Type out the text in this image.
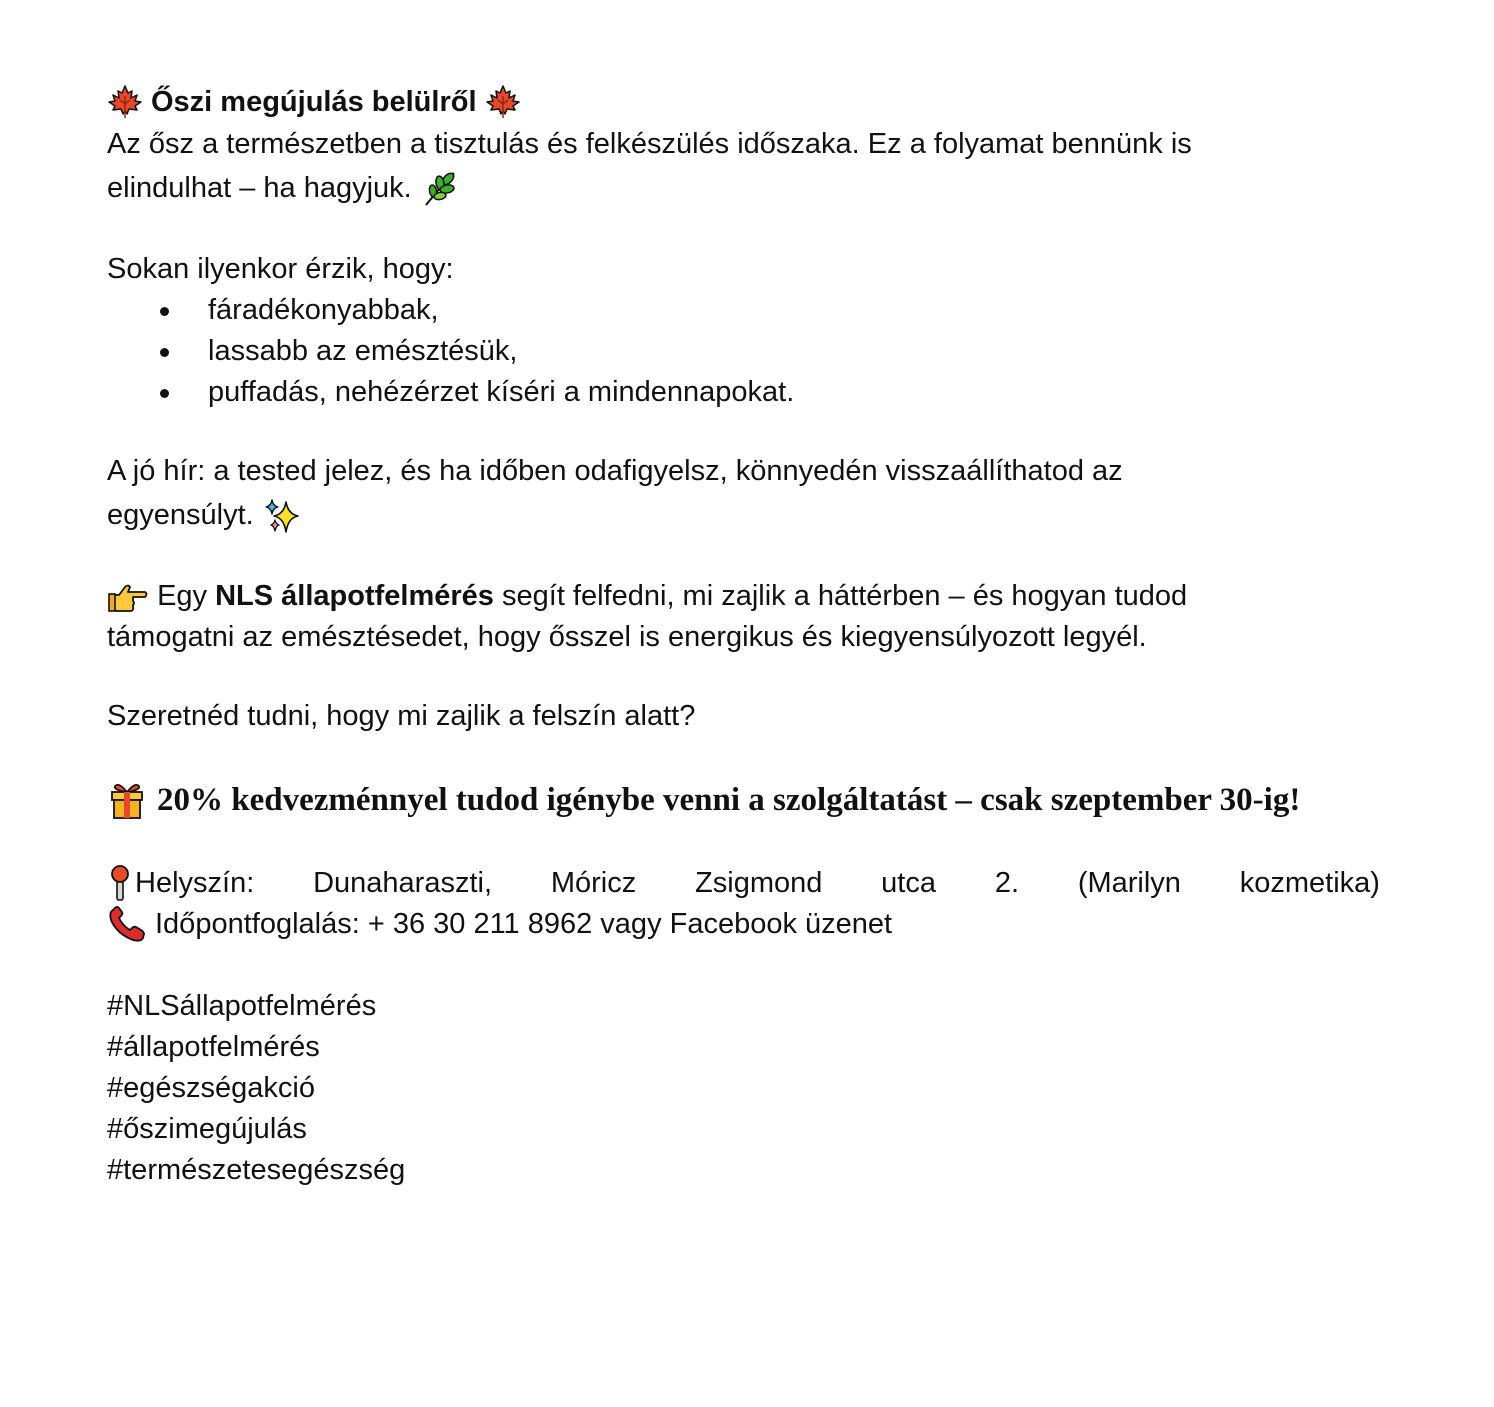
Őszi megújulás belülről

Az ősz a természetben a tisztulás és felkészülés időszaka. Ez a folyamat bennünk is

elindulhat – ha hagyjuk.

Sokan ilyenkor érzik, hogy:

fáradékonyabbak,
lassabb az emésztésük,
puffadás, nehézérzet kíséri a mindennapokat.

A jó hír: a tested jelez, és ha időben odafigyelsz, könnyedén visszaállíthatod az

egyensúlyt.

Egy NLS állapotfelmérés segít felfedni, mi zajlik a háttérben – és hogyan tudod

támogatni az emésztésedet, hogy ősszel is energikus és kiegyensúlyozott legyél.

Szeretnéd tudni, hogy mi zajlik a felszín alatt?

20% kedvezménnyel tudod igénybe venni a szolgáltatást – csak szeptember 30-ig!

Helyszín: Dunaharaszti, Móricz Zsigmond utca 2. (Marilyn kozmetika)

Időpontfoglalás: + 36 30 211 8962 vagy Facebook üzenet

#NLSállapotfelmérés

#állapotfelmérés

#egészségakció

#őszimegújulás

#természetesegészség
